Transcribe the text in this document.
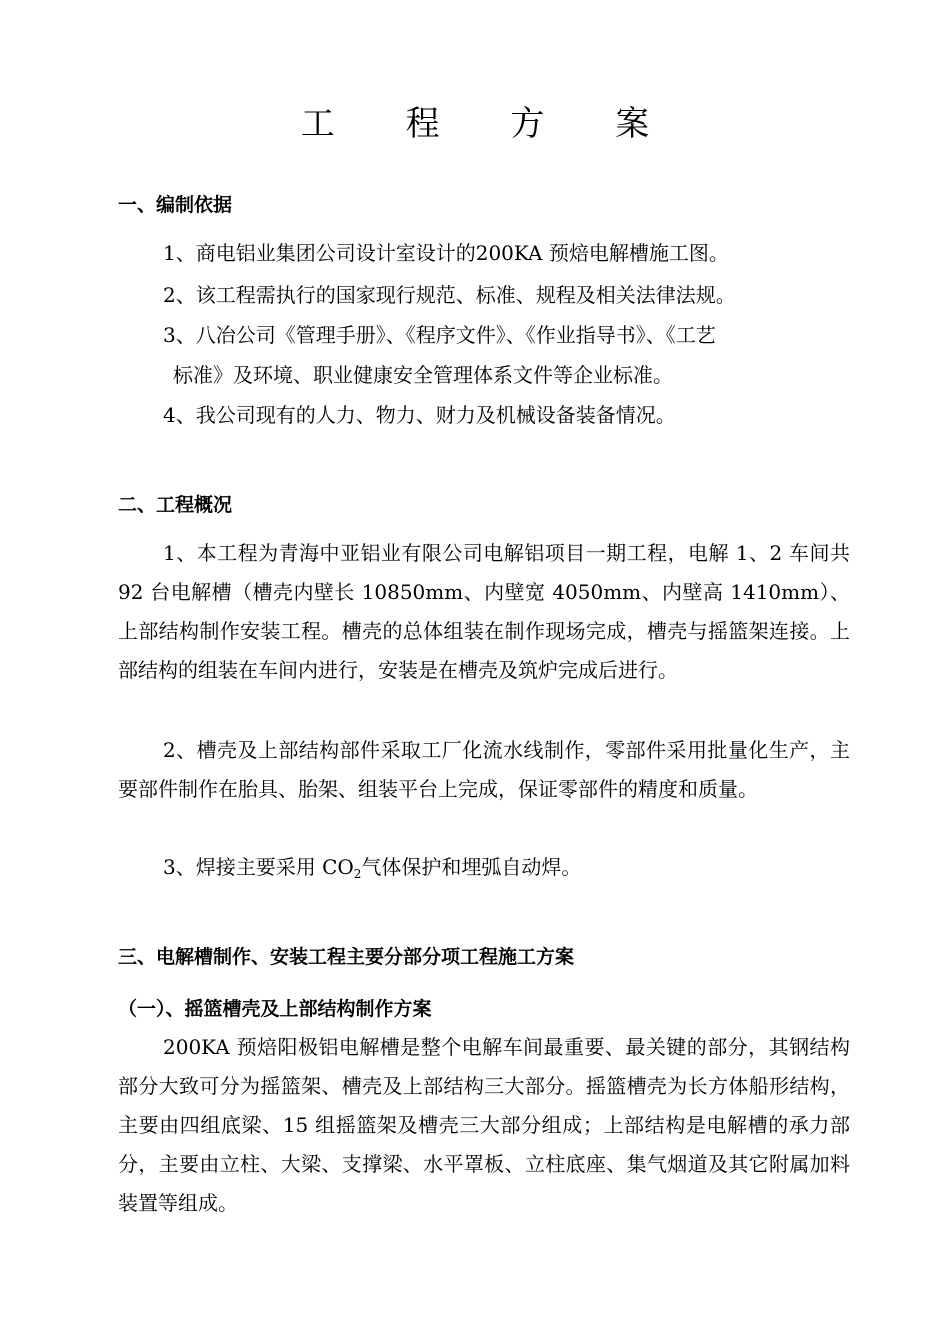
工 程 方 案
一、编制依据
1、商电铝业集团公司设计室设计的200KA 预焙电解槽施工图。
2、该工程需执行的国家现行规范、标准、规程及相关法律法规。
3、八冶公司《管理手册》、《程序文件》、《作业指导书》、《工艺
标准》及环境、职业健康安全管理体系文件等企业标准。
4、我公司现有的人力、物力、财力及机械设备装备情况。
二、工程概况
1、本工程为青海中亚铝业有限公司电解铝项目一期工程，电解 1、2 车间共 92 台电解槽（槽壳内壁长 10850mm、内壁宽 4050mm、内壁高 1410mm）、上部结构制作安装工程。槽壳的总体组装在制作现场完成，槽壳与摇篮架连接。上部结构的组装在车间内进行，安装是在槽壳及筑炉完成后进行。
2、槽壳及上部结构部件采取工厂化流水线制作，零部件采用批量化生产，主要部件制作在胎具、胎架、组装平台上完成，保证零部件的精度和质量。
3、焊接主要采用 $CO_2$气体保护和埋弧自动焊。
三、电解槽制作、安装工程主要分部分项工程施工方案
（一）、摇篮槽壳及上部结构制作方案
200KA 预焙阳极铝电解槽是整个电解车间最重要、最关键的部分，其钢结构部分大致可分为摇篮架、槽壳及上部结构三大部分。摇篮槽壳为长方体船形结构，主要由四组底梁、15 组摇篮架及槽壳三大部分组成；上部结构是电解槽的承力部分，主要由立柱、大梁、支撑梁、水平罩板、立柱底座、集气烟道及其它附属加料装置等组成。
